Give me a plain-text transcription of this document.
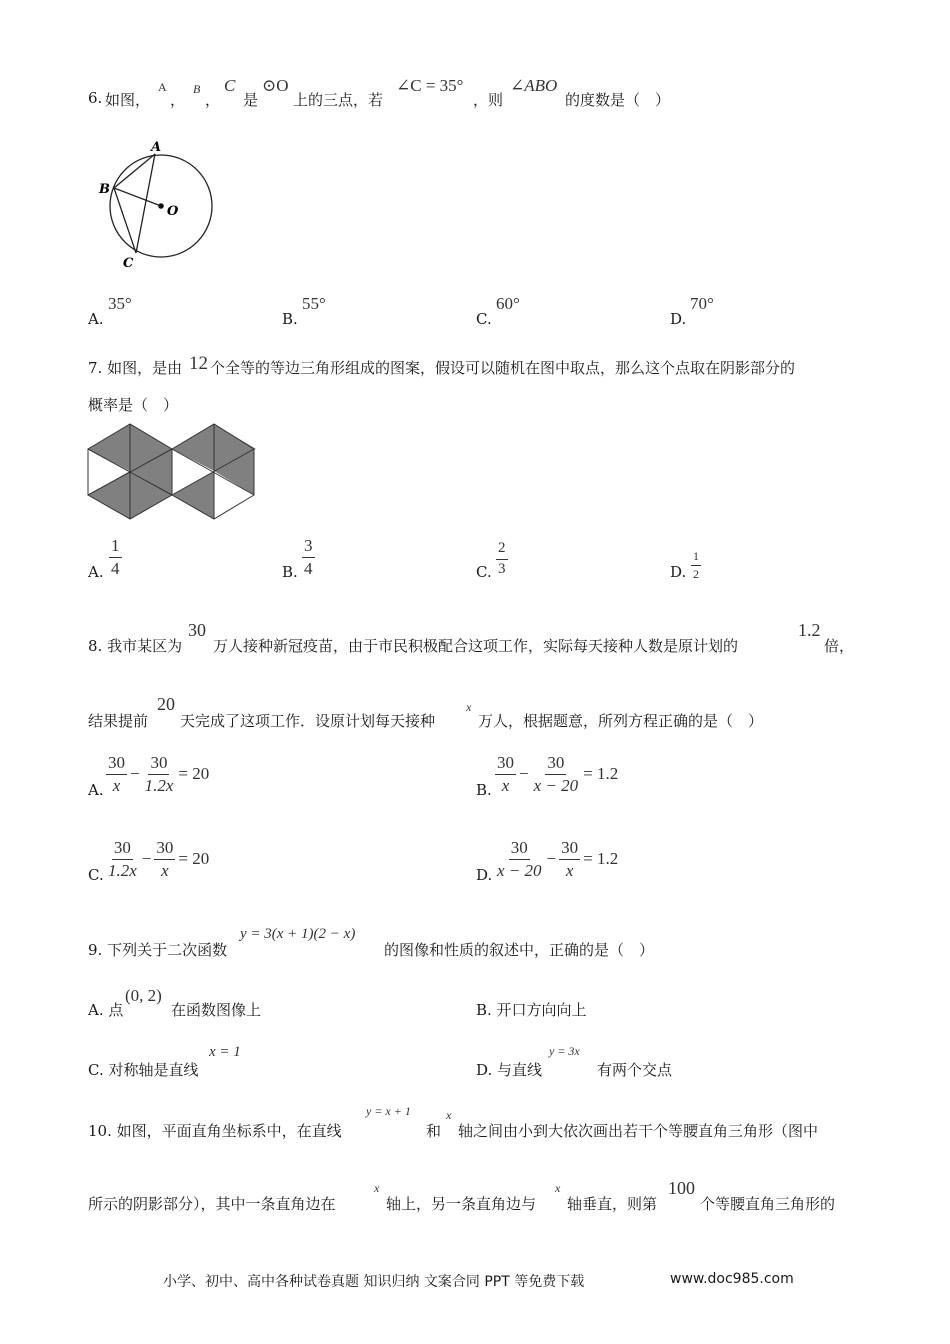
6. 如图，
A
，
B
，
C
是
⊙O
上的三点，若
∠C = 35°
，则
∠ABO
的度数是（　）
A
B
C
O
A.
35°
B.
55°
C.
60°
D.
70°
7. 如图，是由 12 个全等的等边三角形组成的图案，假设可以随机在图中取点，那么这个点取在阴影部分的
概率是（　）
A. $\frac{1}{4}$	B. $\frac{3}{4}$	C. $\frac{2}{3}$	D. $\frac{1}{2}$
8. 我市某区为
30
万人接种新冠疫苗，由于市民积极配合这项工作，实际每天接种人数是原计划的
1.2
倍，
结果提前
20
天完成了这项工作．设原计划每天接种
x
万人，根据题意，所列方程正确的是（　）
A. $\frac{30}{x} - \frac{30}{1.2x} = 20$
B. $\frac{30}{x} - \frac{30}{x - 20} = 1.2$
C. $\frac{30}{1.2x} - \frac{30}{x} = 20$
D. $\frac{30}{x - 20} - \frac{30}{x} = 1.2$
9. 下列关于二次函数
y = 3(x + 1)(2 − x)
的图像和性质的叙述中，正确的是（　）
A. 点
(0, 2)
在函数图像上	B. 开口方向向上
C. 对称轴是直线
x = 1
D. 与直线
y = 3x
有两个交点
10. 如图，平面直角坐标系中，在直线
y = x + 1
和
x
轴之间由小到大依次画出若干个等腰直角三角形（图中
所示的阴影部分），其中一条直角边在
x
轴上，另一条直角边与
x
轴垂直，则第
100
个等腰直角三角形的
小学、初中、高中各种试卷真题 知识归纳 文案合同 PPT 等免费下载	www.doc985.com
